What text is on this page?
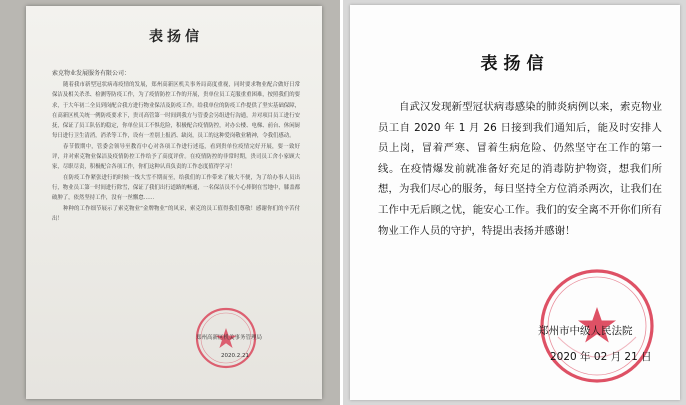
表扬信
索克物业发展服务有限公司：

随着我市新型冠状病毒疫情的发展，郑州高新区机关事务局高度重视，同时要求物业配合做好日常保洁及相关杀杀、检测等防疫工作，为了疫情防控工作的开展，贵单位员工克服重重困难，按照我们的要求，于大年初二全员到岗配合我方进行物业保洁及防疫工作。给我单位的防疫工作提供了坚实基础保障，在高新区机关统一例防疫要求下，贵司高管第一时间到我方与管委会另组进行沟通，并对项目员工进行安抚，保证了员工队伍的稳定，你单位员工不惧危险，积极配合疫情防控，对办公楼、电梯、前台、休闲厨每日进行卫生清消，消杀等工作，设有一差别上报消、缺岗，员工的这种爱岗敬业精神，令我们感动。

春节假期中，管委会领导至教育中心对各项工作进行述巡，看到贵单位疫情完好开展，要一致好评，并对索克物业保洁及疫情防控工作给予了高度评价。在疫情防控的非常时期，贵司员工舍小家顾大家，尽职尽责，积极配合各项工作，你们这种认真负责的工作态度值得学习！

在防疫工作紧张进行的时候一线大雪不期而至，给我们的工作带来了极大不便，为了给办事人员出行，物业员工第一时间进行除雪，保证了我们出行道路的畅通，一名保洁员不小心摔倒在雪地中，膝盖都破肿了，依然坚持工作，没有一丝懈怠……

种种的工作细节展示了索克物业“金牌物业”的风采，索克的员工值得我们尊敬！感谢你们的辛苦付出！

郑州高新区机关事务管理局
2020.2.21
表扬信

自武汉发现新型冠状病毒感染的肺炎病例以来，索克物业员工自 2020 年 1 月 26 日接到我们通知后，能及时安排人员上岗，冒着严寒、冒着生病危险、仍然坚守在工作的第一线。在疫情爆发前就准备好充足的消毒防护物资，想我们所想，为我们尽心的服务，每日坚持全方位消杀两次，让我们在工作中无后顾之忧，能安心工作。我们的安全离不开你们所有物业工作人员的守护，特提出表扬并感谢！

郑州市中级人民法院
2020 年 02 月 21 日
